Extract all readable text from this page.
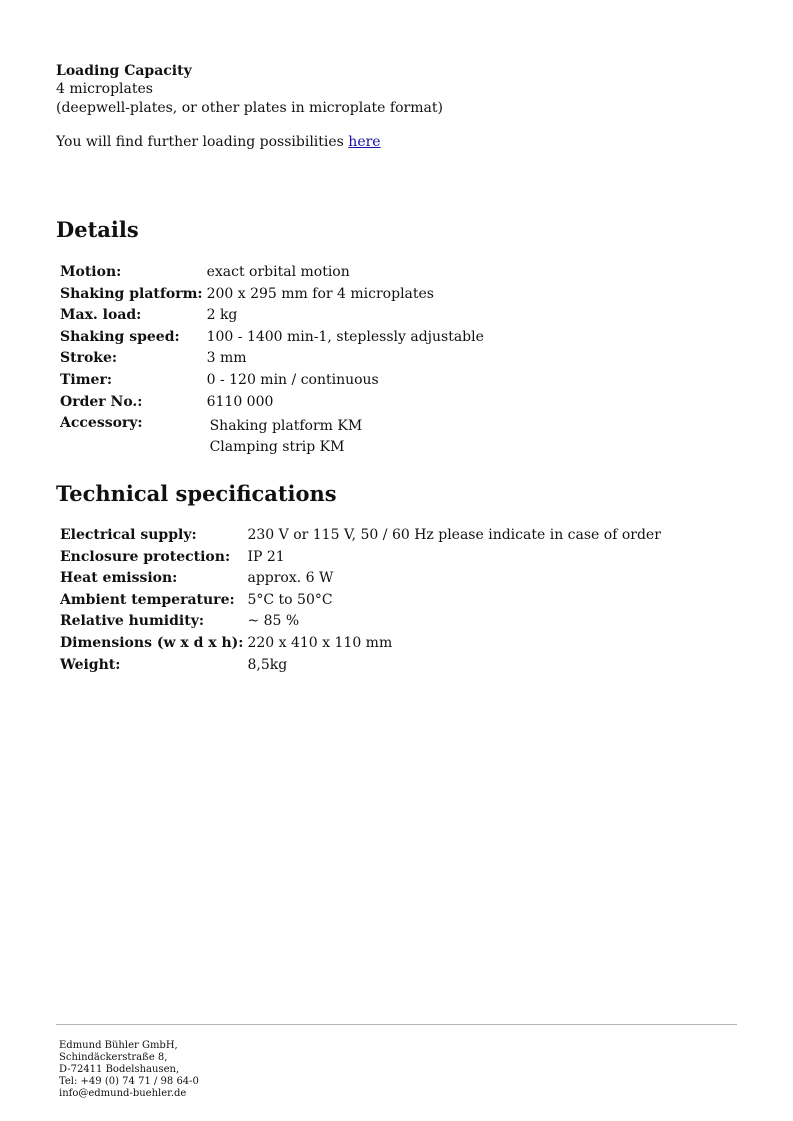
Loading Capacity
4 microplates
(deepwell-plates, or other plates in microplate format)
You will find further loading possibilities here
Details
Motion:	exact orbital motion
Shaking platform:	200 x 295 mm for 4 microplates
Max. load:	2 kg
Shaking speed:	100 - 1400 min-1, steplessly adjustable
Stroke:	3 mm
Timer:	0 - 120 min / continuous
Order No.:	6110 000
Accessory:	Shaking platform KM
Clamping strip KM
Technical specifications
Electrical supply:	230 V or 115 V, 50 / 60 Hz please indicate in case of order
Enclosure protection:	IP 21
Heat emission:	approx. 6 W
Ambient temperature:	5°C to 50°C
Relative humidity:	~ 85 %
Dimensions (w x d x h):	220 x 410 x 110 mm
Weight:	8,5kg
Edmund Bühler GmbH,
Schindäckerstraße 8,
D-72411 Bodelshausen,
Tel: +49 (0) 74 71 / 98 64-0
info@edmund-buehler.de
